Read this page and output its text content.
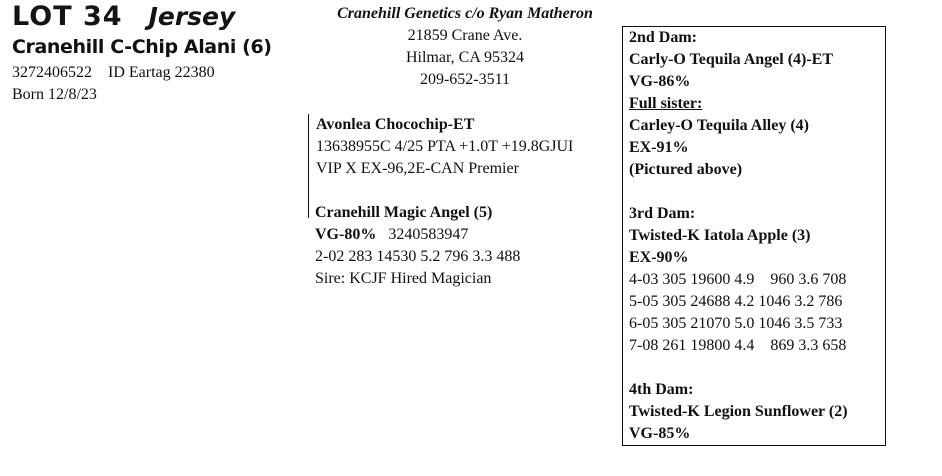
LOT 34 Jersey
Cranehill C-Chip Alani (6)
3272406522    ID Eartag 22380
Born 12/8/23
Cranehill Genetics c/o Ryan Matheron
21859 Crane Ave.
Hilmar, CA 95324
209-652-3511
Avonlea Chocochip-ET
13638955C 4/25 PTA +1.0T +19.8GJUI
VIP X EX-96,2E-CAN Premier
Cranehill Magic Angel (5)
VG-80% 3240583947
2-02 283 14530 5.2 796 3.3 488
Sire: KCJF Hired Magician
2nd Dam:
Carly-O Tequila Angel (4)-ET
VG-86%
Full sister:
Carley-O Tequila Alley (4)
EX-91%
(Pictured above)
3rd Dam:
Twisted-K Iatola Apple (3)
EX-90%
4-03 305 19600 4.9    960 3.6 708
5-05 305 24688 4.2 1046 3.2 786
6-05 305 21070 5.0 1046 3.5 733
7-08 261 19800 4.4    869 3.3 658
4th Dam:
Twisted-K Legion Sunflower (2)
VG-85%
